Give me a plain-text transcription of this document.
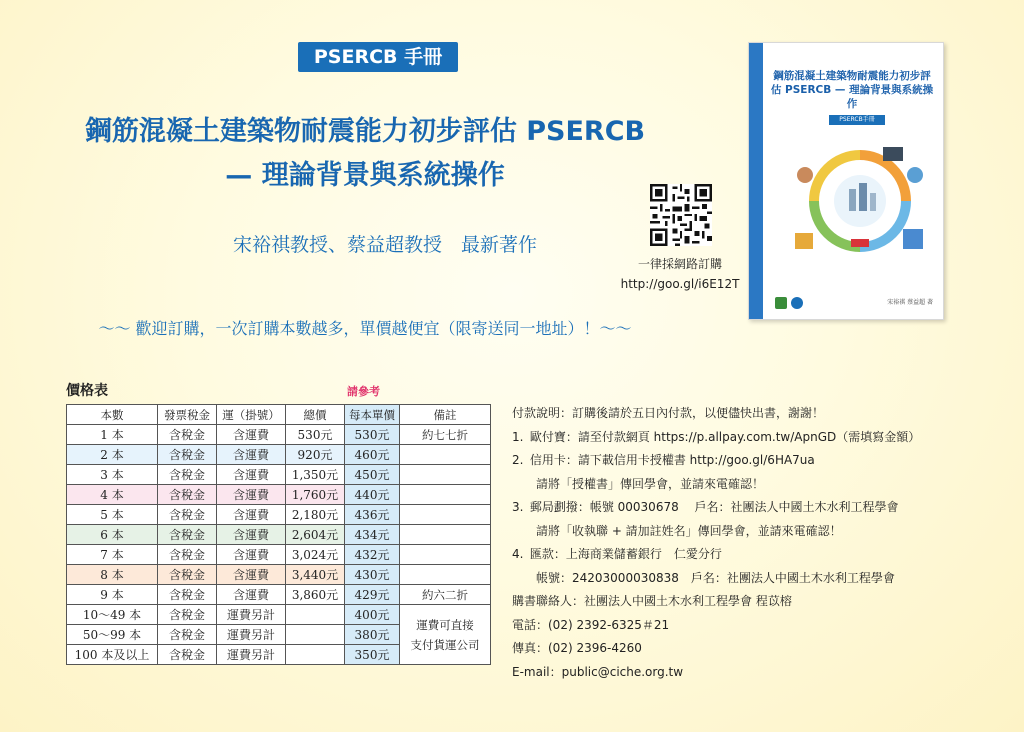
PSERCB 手冊
鋼筋混凝土建築物耐震能力初步評估 PSERCB
— 理論背景與系統操作
宋裕祺教授、蔡益超教授　最新著作
一律採網路訂購
http://goo.gl/i6E12T
～～ 歡迎訂購，一次訂購本數越多，單價越便宜（限寄送同一地址）！～～
鋼筋混凝土建築物耐震能力初步評估 PSERCB — 理論背景與系統操作
PSERCB手冊
宋裕祺 蔡益超 著
價格表	請參考
本數	發票稅金	運（掛號）	總價	每本單價	備註
1 本	含稅金	含運費	530元	530元	約七七折
2 本	含稅金	含運費	920元	460元	
3 本	含稅金	含運費	1,350元	450元	
4 本	含稅金	含運費	1,760元	440元	
5 本	含稅金	含運費	2,180元	436元	
6 本	含稅金	含運費	2,604元	434元	
7 本	含稅金	含運費	3,024元	432元	
8 本	含稅金	含運費	3,440元	430元	
9 本	含稅金	含運費	3,860元	429元	約六二折
10～49 本	含稅金	運費另計		400元	運費可直接
支付貨運公司

50～99 本	含稅金	運費另計		380元	
100 本及以上	含稅金	運費另計		350元	
付款說明：訂購後請於五日內付款，以便儘快出書，謝謝！
1. 歐付寶：請至付款網頁 https://p.allpay.com.tw/ApnGD（需填寫金額）
2. 信用卡：請下載信用卡授權書 http://goo.gl/6HA7ua
請將「授權書」傳回學會，並請來電確認！
3. 郵局劃撥：帳號 00030678　 戶名：社團法人中國土木水利工程學會
請將「收執聯 + 請加註姓名」傳回學會，並請來電確認！
4. 匯款：上海商業儲蓄銀行　仁愛分行
帳號：24203000030838　戶名：社團法人中國土木水利工程學會
購書聯絡人：社團法人中國土木水利工程學會 程苡榕
電話：(02) 2392-6325＃21
傳真：(02) 2396-4260
E-mail：public@ciche.org.tw
